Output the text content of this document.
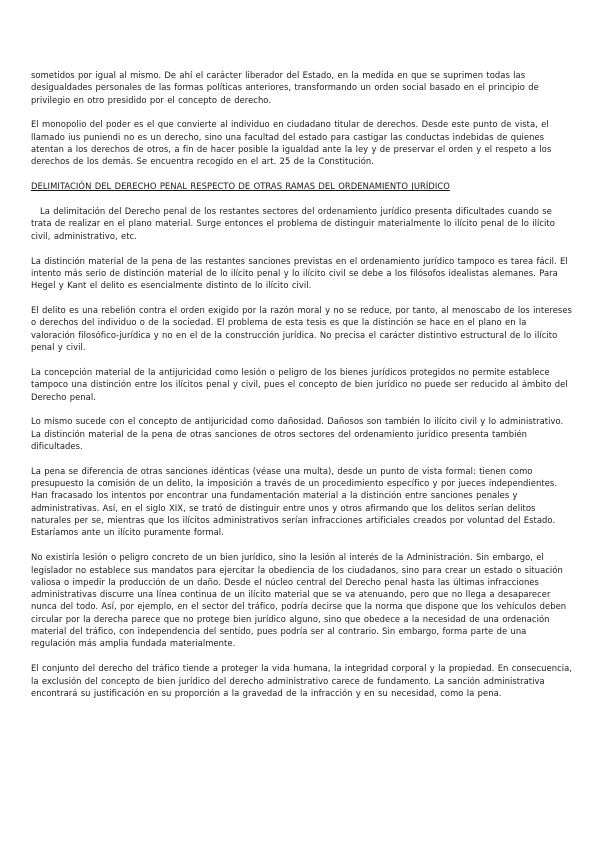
sometidos por igual al mismo. De ahí el carácter liberador del Estado, en la medida en que se suprimen todas las desigualdades personales de las formas políticas anteriores, transformando un orden social basado en el principio de privilegio en otro presidido por el concepto de derecho.

El monopolio del poder es el que convierte al individuo en ciudadano titular de derechos. Desde este punto de vista, el llamado ius puniendi no es un derecho, sino una facultad del estado para castigar las conductas indebidas de quienes atentan a los derechos de otros, a fin de hacer posible la igualdad ante la ley y de preservar el orden y el respeto a los derechos de los demás. Se encuentra recogido en el art. 25 de la Constitución.

DELIMITACIÓN DEL DERECHO PENAL RESPECTO DE OTRAS RAMAS DEL ORDENAMIENTO JURÍDICO

La delimitación del Derecho penal de los restantes sectores del ordenamiento jurídico presenta dificultades cuando se trata de realizar en el plano material. Surge entonces el problema de distinguir materialmente lo ilícito penal de lo ilícito civil, administrativo, etc.

La distinción material de la pena de las restantes sanciones previstas en el ordenamiento jurídico tampoco es tarea fácil. El intento más serio de distinción material de lo ilícito penal y lo ilícito civil se debe a los filósofos idealistas alemanes. Para Hegel y Kant el delito es esencialmente distinto de lo ilícito civil.

El delito es una rebelión contra el orden exigido por la razón moral y no se reduce, por tanto, al menoscabo de los intereses o derechos del individuo o de la sociedad. El problema de esta tesis es que la distinción se hace en el plano en la valoración filosófico-jurídica y no en el de la construcción jurídica. No precisa el carácter distintivo estructural de lo ilícito penal y civil.

La concepción material de la antijuricidad como lesión o peligro de los bienes jurídicos protegidos no permite establece tampoco una distinción entre los ilícitos penal y civil, pues el concepto de bien jurídico no puede ser reducido al ámbito del Derecho penal.

Lo mismo sucede con el concepto de antijuricidad como dañosidad. Dañosos son también lo ilícito civil y lo administrativo. La distinción material de la pena de otras sanciones de otros sectores del ordenamiento jurídico presenta también dificultades.

La pena se diferencia de otras sanciones idénticas (véase una multa), desde un punto de vista formal: tienen como presupuesto la comisión de un delito, la imposición a través de un procedimiento específico y por jueces independientes. Han fracasado los intentos por encontrar una fundamentación material a la distinción entre sanciones penales y administrativas. Así, en el siglo XIX, se trató de distinguir entre unos y otros afirmando que los delitos serían delitos naturales per se, mientras que los ilícitos administrativos serían infracciones artificiales creados por voluntad del Estado. Estaríamos ante un ilícito puramente formal.

No existiría lesión o peligro concreto de un bien jurídico, sino la lesión al interés de la Administración. Sin embargo, el legislador no establece sus mandatos para ejercitar la obediencia de los ciudadanos, sino para crear un estado o situación valiosa o impedir la producción de un daño. Desde el núcleo central del Derecho penal hasta las últimas infracciones administrativas discurre una línea continua de un ilícito material que se va atenuando, pero que no llega a desaparecer nunca del todo. Así, por ejemplo, en el sector del tráfico, podría decirse que la norma que dispone que los vehículos deben circular por la derecha parece que no protege bien jurídico alguno, sino que obedece a la necesidad de una ordenación material del tráfico, con independencia del sentido, pues podría ser al contrario. Sin embargo, forma parte de una regulación más amplia fundada materialmente.

El conjunto del derecho del tráfico tiende a proteger la vida humana, la integridad corporal y la propiedad. En consecuencia, la exclusión del concepto de bien jurídico del derecho administrativo carece de fundamento. La sanción administrativa encontrará su justificación en su proporción a la gravedad de la infracción y en su necesidad, como la pena.
